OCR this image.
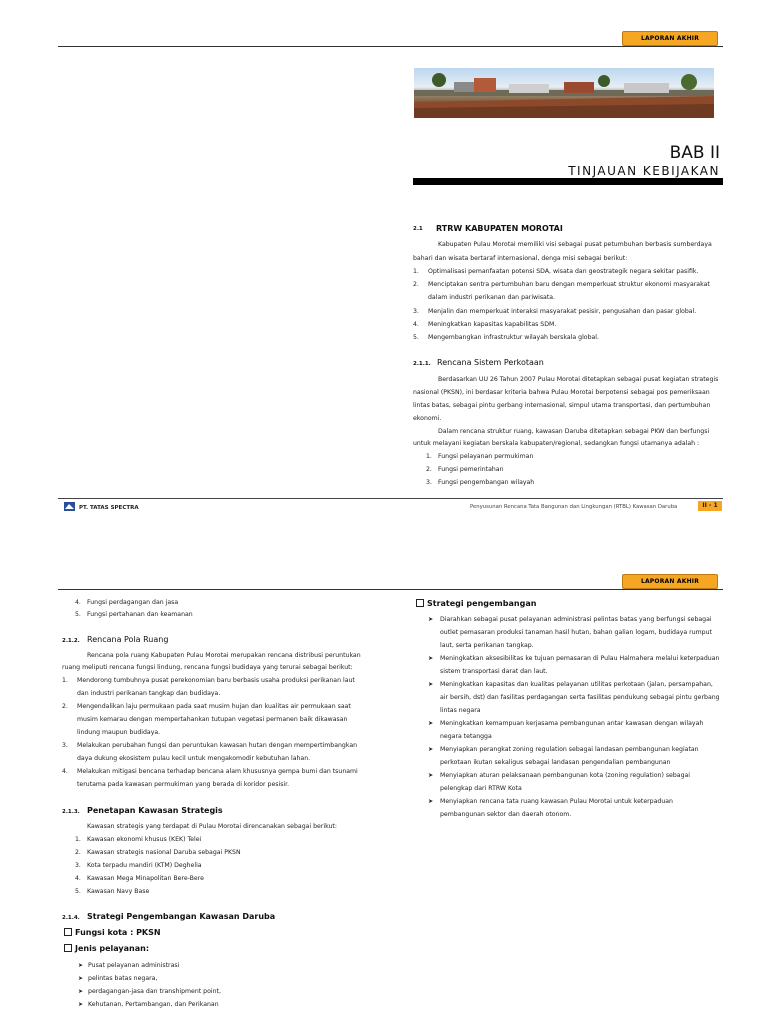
LAPORAN AKHIR
BAB II
TINJAUAN KEBIJAKAN
2.1 RTRW KABUPATEN MOROTAI
Kabupaten Pulau Morotai memiliki visi sebagai pusat petumbuhan berbasis sumberdaya
bahari dan wisata bertaraf internasional, denga misi sebagai berikut:
1. Optimalisasi pemanfaatan potensi SDA, wisata dan geostrategik negara sekitar pasifik.
2. Menciptakan sentra pertumbuhan baru dengan memperkuat struktur ekonomi masyarakat
dalam industri perikanan dan pariwisata.
3. Menjalin dan memperkuat interaksi masyarakat pesisir, pengusahan dan pasar global.
4. Meningkatkan kapasitas kapabilitas SDM.
5. Mengembangkan infrastruktur wilayah berskala global.
2.1.1. Rencana Sistem Perkotaan
Berdasarkan UU 26 Tahun 2007 Pulau Morotai ditetapkan sebagai pusat kegiatan strategis
nasional (PKSN), ini berdasar kriteria bahwa Pulau Morotai berpotensi sebagai pos pemeriksaan
lintas batas, sebagai pintu gerbang internasional, simpul utama transportasi, dan pertumbuhan
ekonomi.
Dalam rencana struktur ruang, kawasan Daruba ditetapkan sebagai PKW dan berfungsi
untuk melayani kegiatan berskala kabupaten/regional, sedangkan fungsi utamanya adalah :
1. Fungsi pelayanan permukiman
2. Fungsi pemerintahan
3. Fungsi pengembangan wilayah
PT. TATAS SPECTRA	Penyusunan Rencana Tata Bangunan dan Lingkungan (RTBL) Kawasan Daruba	II - 1
LAPORAN AKHIR
4. Fungsi perdagangan dan jasa
5. Fungsi pertahanan dan keamanan
2.1.2. Rencana Pola Ruang
Rencana pola ruang Kabupaten Pulau Morotai merupakan rencana distribusi peruntukan
ruang meliputi rencana fungsi lindung, rencana fungsi budidaya yang terurai sebagai berikut:
1. Mendorong tumbuhnya pusat perekonomian baru berbasis usaha produksi perikanan laut
dan industri perikanan tangkap dan budidaya.
2. Mengendalikan laju permukaan pada saat musim hujan dan kualitas air permukaan saat
musim kemarau dengan mempertahankan tutupan vegetasi permanen baik dikawasan
lindung maupun budidaya.
3. Melakukan perubahan fungsi dan peruntukan kawasan hutan dengan mempertimbangkan
daya dukung ekosistem pulau kecil untuk mengakomodir kebutuhan lahan.
4. Melakukan mitigasi bencana terhadap bencana alam khususnya gempa bumi dan tsunami
terutama pada kawasan permukiman yang berada di koridor pesisir.
2.1.3. Penetapan Kawasan Strategis
Kawasan strategis yang terdapat di Pulau Morotai direncanakan sebagai berikut:
1. Kawasan ekonomi khusus (KEK) Telei
2. Kawasan strategis nasional Daruba sebagai PKSN
3. Kota terpadu mandiri (KTM) Deghelia
4. Kawasan Mega Minapolitan Bere-Bere
5. Kawasan Navy Base
2.1.4. Strategi Pengembangan Kawasan Daruba
Fungsi kota : PKSN
Jenis pelayanan:
➤ Pusat pelayanan administrasi
➤ pelintas batas negara,
➤ perdagangan-jasa dan transhipment point,
➤ Kehutanan, Pertambangan, dan Perikanan
Strategi pengembangan
➤ Diarahkan sebagai pusat pelayanan administrasi pelintas batas yang berfungsi sebagai
outlet pemasaran produksi tanaman hasil hutan, bahan galian logam, budidaya rumput
laut, serta perikanan tangkap.
➤ Meningkatkan aksesibilitas ke tujuan pemasaran di Pulau Halmahera melalui keterpaduan
sistem transportasi darat dan laut.
➤ Meningkatkan kapasitas dan kualitas pelayanan utilitas perkotaan (jalan, persampahan,
air bersih, dst) dan fasilitas perdagangan serta fasilitas pendukung sebagai pintu gerbang
lintas negara
➤ Meningkatkan kemampuan kerjasama pembangunan antar kawasan dengan wilayah
negara tetangga
➤ Menyiapkan perangkat zoning regulation sebagai landasan pembangunan kegiatan
perkotaan ikutan sekaligus sebagai landasan pengendalian pembangunan
➤ Menyiapkan aturan pelaksanaan pembangunan kota (zoning regulation) sebagai
pelengkap dari RTRW Kota
➤ Menyiapkan rencana tata ruang kawasan Pulau Morotai untuk keterpaduan
pembangunan sektor dan daerah otonom.
